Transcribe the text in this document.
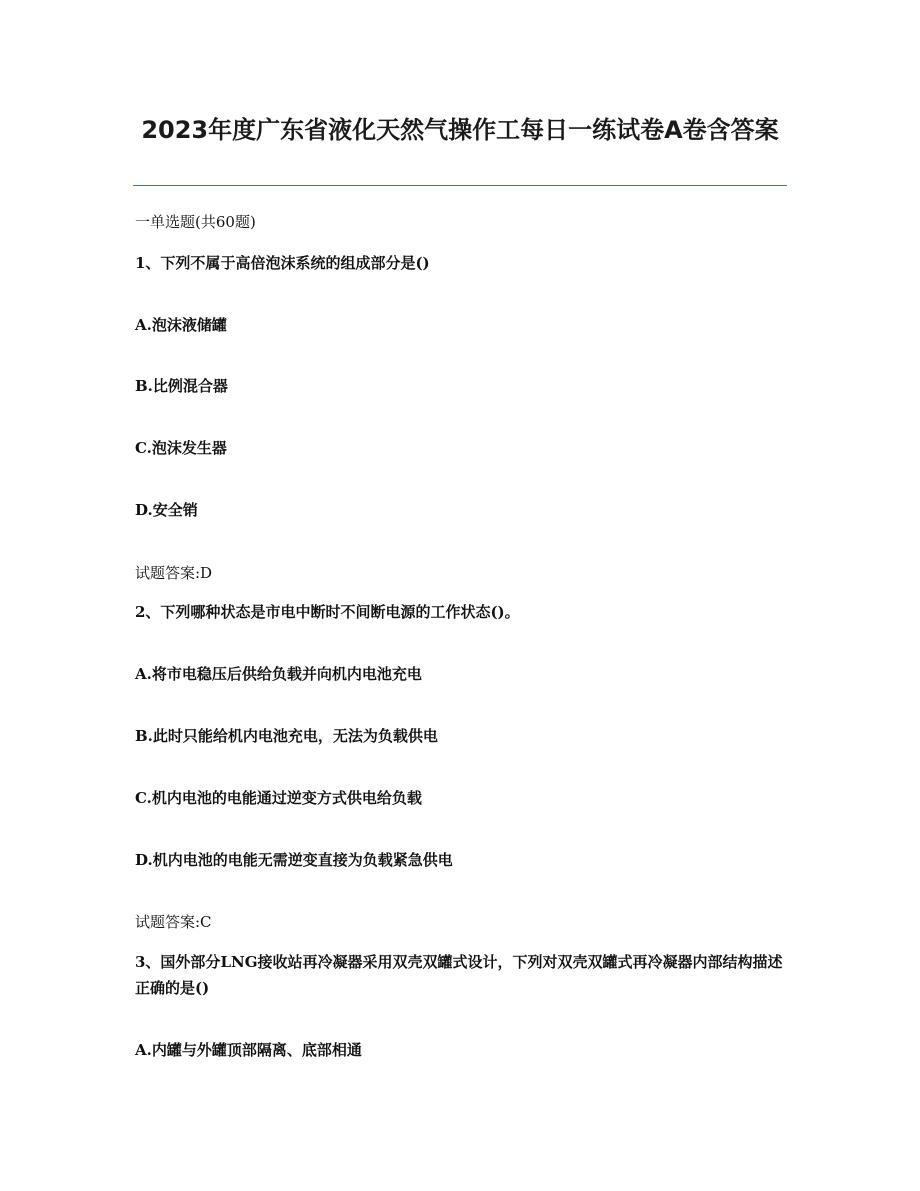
2023年度广东省液化天然气操作工每日一练试卷A卷含答案
一单选题(共60题)
1、下列不属于高倍泡沫系统的组成部分是()
A.泡沫液储罐
B.比例混合器
C.泡沫发生器
D.安全销
试题答案:D
2、下列哪种状态是市电中断时不间断电源的工作状态()。
A.将市电稳压后供给负载并向机内电池充电
B.此时只能给机内电池充电，无法为负载供电
C.机内电池的电能通过逆变方式供电给负载
D.机内电池的电能无需逆变直接为负载紧急供电
试题答案:C
3、国外部分LNG接收站再冷凝器采用双壳双罐式设计，下列对双壳双罐式再冷凝器内部结构描述正确的是()
A.内罐与外罐顶部隔离、底部相通
